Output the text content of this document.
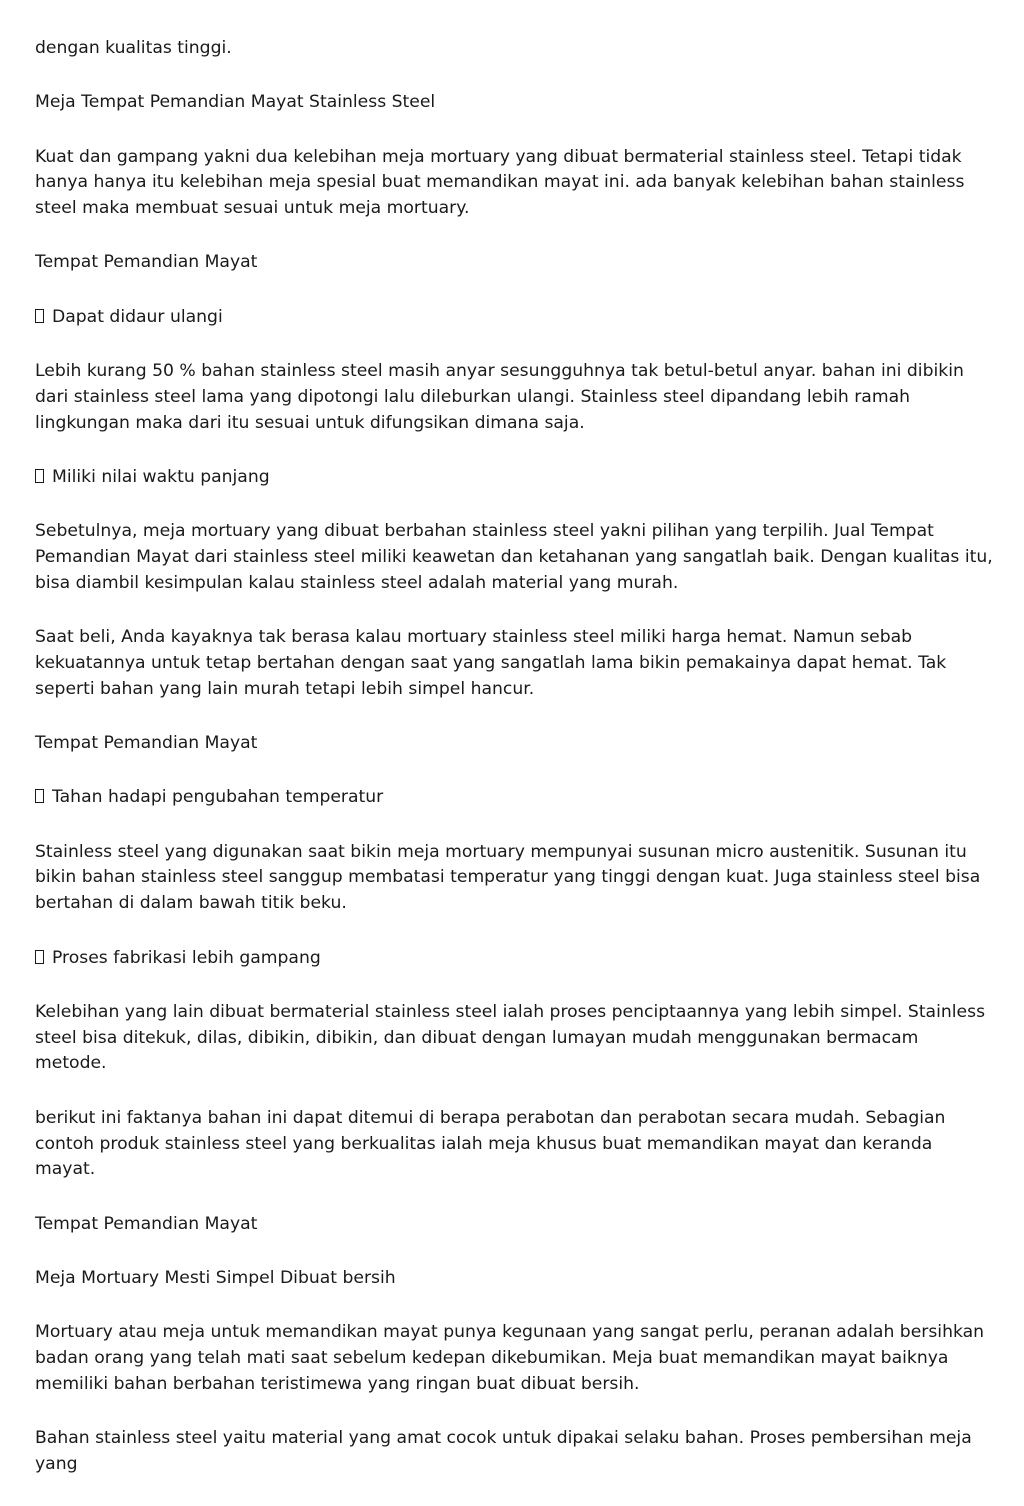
dengan kualitas tinggi.

Meja Tempat Pemandian Mayat Stainless Steel

Kuat dan gampang yakni dua kelebihan meja mortuary yang dibuat bermaterial stainless steel. Tetapi tidak hanya hanya itu kelebihan meja spesial buat memandikan mayat ini. ada banyak kelebihan bahan stainless steel maka membuat sesuai untuk meja mortuary.

Tempat Pemandian Mayat

Dapat didaur ulangi

Lebih kurang 50 % bahan stainless steel masih anyar sesungguhnya tak betul-betul anyar. bahan ini dibikin dari stainless steel lama yang dipotongi lalu dileburkan ulangi. Stainless steel dipandang lebih ramah lingkungan maka dari itu sesuai untuk difungsikan dimana saja.

Miliki nilai waktu panjang

Sebetulnya, meja mortuary yang dibuat berbahan stainless steel yakni pilihan yang terpilih. Jual Tempat Pemandian Mayat dari stainless steel miliki keawetan dan ketahanan yang sangatlah baik. Dengan kualitas itu, bisa diambil kesimpulan kalau stainless steel adalah material yang murah.

Saat beli, Anda kayaknya tak berasa kalau mortuary stainless steel miliki harga hemat. Namun sebab kekuatannya untuk tetap bertahan dengan saat yang sangatlah lama bikin pemakainya dapat hemat. Tak seperti bahan yang lain murah tetapi lebih simpel hancur.

Tempat Pemandian Mayat

Tahan hadapi pengubahan temperatur

Stainless steel yang digunakan saat bikin meja mortuary mempunyai susunan micro austenitik. Susunan itu bikin bahan stainless steel sanggup membatasi temperatur yang tinggi dengan kuat. Juga stainless steel bisa bertahan di dalam bawah titik beku.

Proses fabrikasi lebih gampang

Kelebihan yang lain dibuat bermaterial stainless steel ialah proses penciptaannya yang lebih simpel. Stainless steel bisa ditekuk, dilas, dibikin, dibikin, dan dibuat dengan lumayan mudah menggunakan bermacam metode.

berikut ini faktanya bahan ini dapat ditemui di berapa perabotan dan perabotan secara mudah. Sebagian contoh produk stainless steel yang berkualitas ialah meja khusus buat memandikan mayat dan keranda mayat.

Tempat Pemandian Mayat

Meja Mortuary Mesti Simpel Dibuat bersih

Mortuary atau meja untuk memandikan mayat punya kegunaan yang sangat perlu, peranan adalah bersihkan badan orang yang telah mati saat sebelum kedepan dikebumikan. Meja buat memandikan mayat baiknya memiliki bahan berbahan teristimewa yang ringan buat dibuat bersih.

Bahan stainless steel yaitu material yang amat cocok untuk dipakai selaku bahan. Proses pembersihan meja yang
